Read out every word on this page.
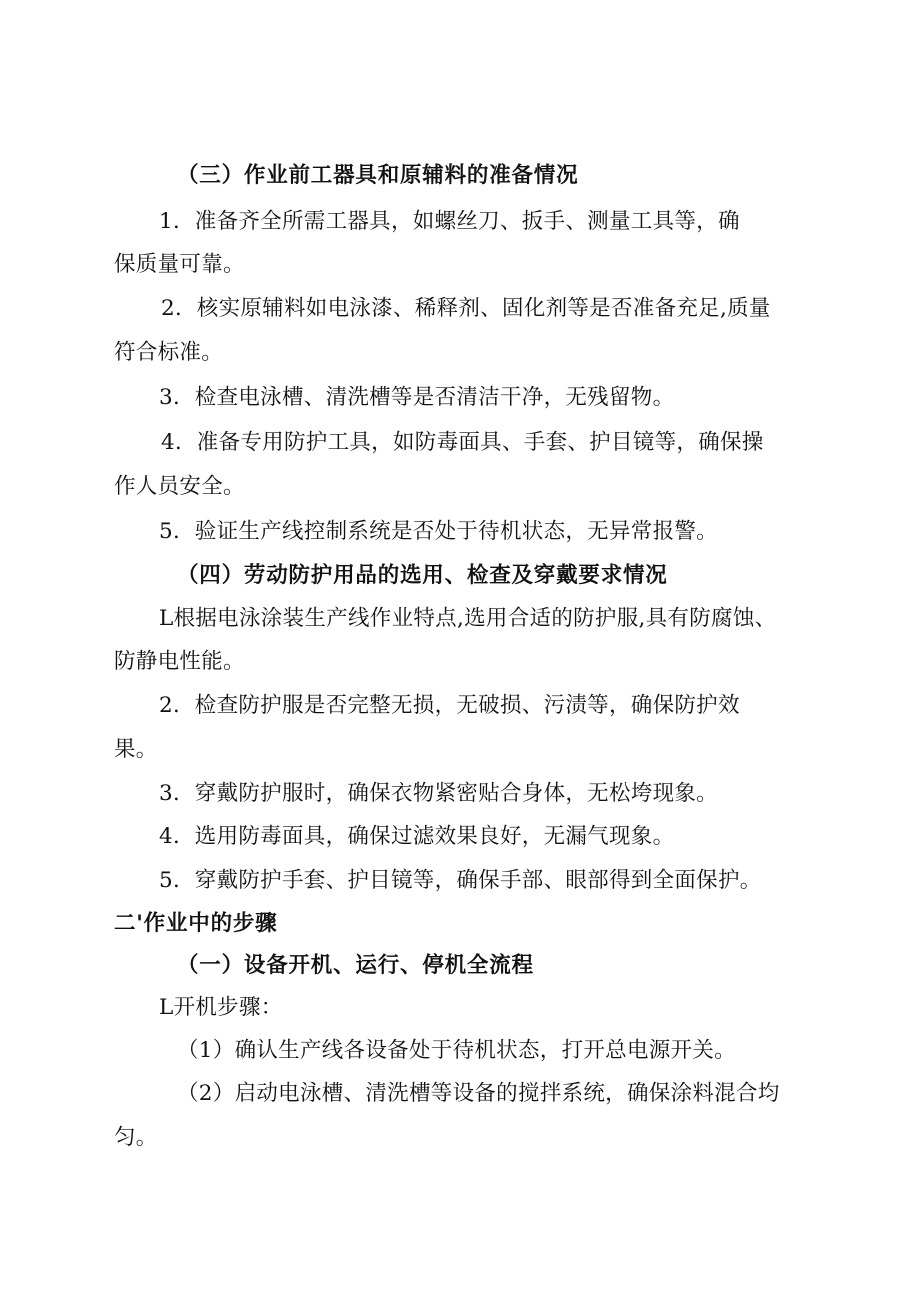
（三）作业前工器具和原辅料的准备情况
1．准备齐全所需工器具，如螺丝刀、扳手、测量工具等，确
保质量可靠。
2．核实原辅料如电泳漆、稀释剂、固化剂等是否准备充足,质量
符合标准。
3．检查电泳槽、清洗槽等是否清洁干净，无残留物。
4．准备专用防护工具，如防毒面具、手套、护目镜等，确保操
作人员安全。
5．验证生产线控制系统是否处于待机状态，无异常报警。
（四）劳动防护用品的选用、检查及穿戴要求情况
L根据电泳涂装生产线作业特点,选用合适的防护服,具有防腐蚀、
防静电性能。
2．检查防护服是否完整无损，无破损、污渍等，确保防护效
果。
3．穿戴防护服时，确保衣物紧密贴合身体，无松垮现象。
4．选用防毒面具，确保过滤效果良好，无漏气现象。
5．穿戴防护手套、护目镜等，确保手部、眼部得到全面保护。
二'作业中的步骤
（一）设备开机、运行、停机全流程
L开机步骤：
（1）确认生产线各设备处于待机状态，打开总电源开关。
（2）启动电泳槽、清洗槽等设备的搅拌系统，确保涂料混合均
匀。
